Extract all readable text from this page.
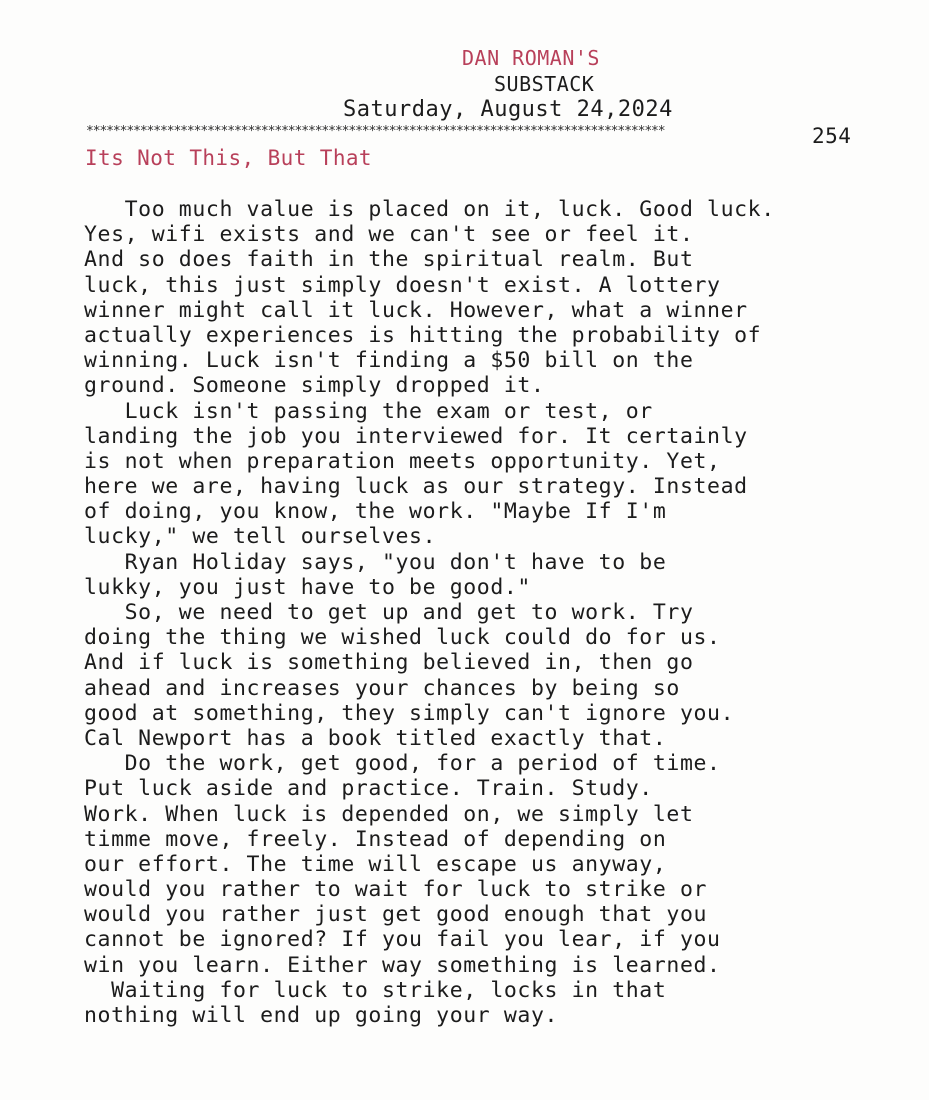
DAN ROMAN'S
SUBSTACK
Saturday, August 24,2024
**************************************************************************************	254
Its Not This, But That
Too much value is placed on it, luck. Good luck.
Yes, wifi exists and we can't see or feel it.
And so does faith in the spiritual realm. But
luck, this just simply doesn't exist. A lottery
winner might call it luck. However, what a winner
actually experiences is hitting the probability of
winning. Luck isn't finding a $50 bill on the
ground. Someone simply dropped it.
Luck isn't passing the exam or test, or
landing the job you interviewed for. It certainly
is not when preparation meets opportunity. Yet,
here we are, having luck as our strategy. Instead
of doing, you know, the work. "Maybe If I'm
lucky," we tell ourselves.
Ryan Holiday says, "you don't have to be
lukky, you just have to be good."
So, we need to get up and get to work. Try
doing the thing we wished luck could do for us.
And if luck is something believed in, then go
ahead and increases your chances by being so
good at something, they simply can't ignore you.
Cal Newport has a book titled exactly that.
Do the work, get good, for a period of time.
Put luck aside and practice. Train. Study.
Work. When luck is depended on, we simply let
timme move, freely. Instead of depending on
our effort. The time will escape us anyway,
would you rather to wait for luck to strike or
would you rather just get good enough that you
cannot be ignored? If you fail you lear, if you
win you learn. Either way something is learned.
Waiting for luck to strike, locks in that
nothing will end up going your way.
